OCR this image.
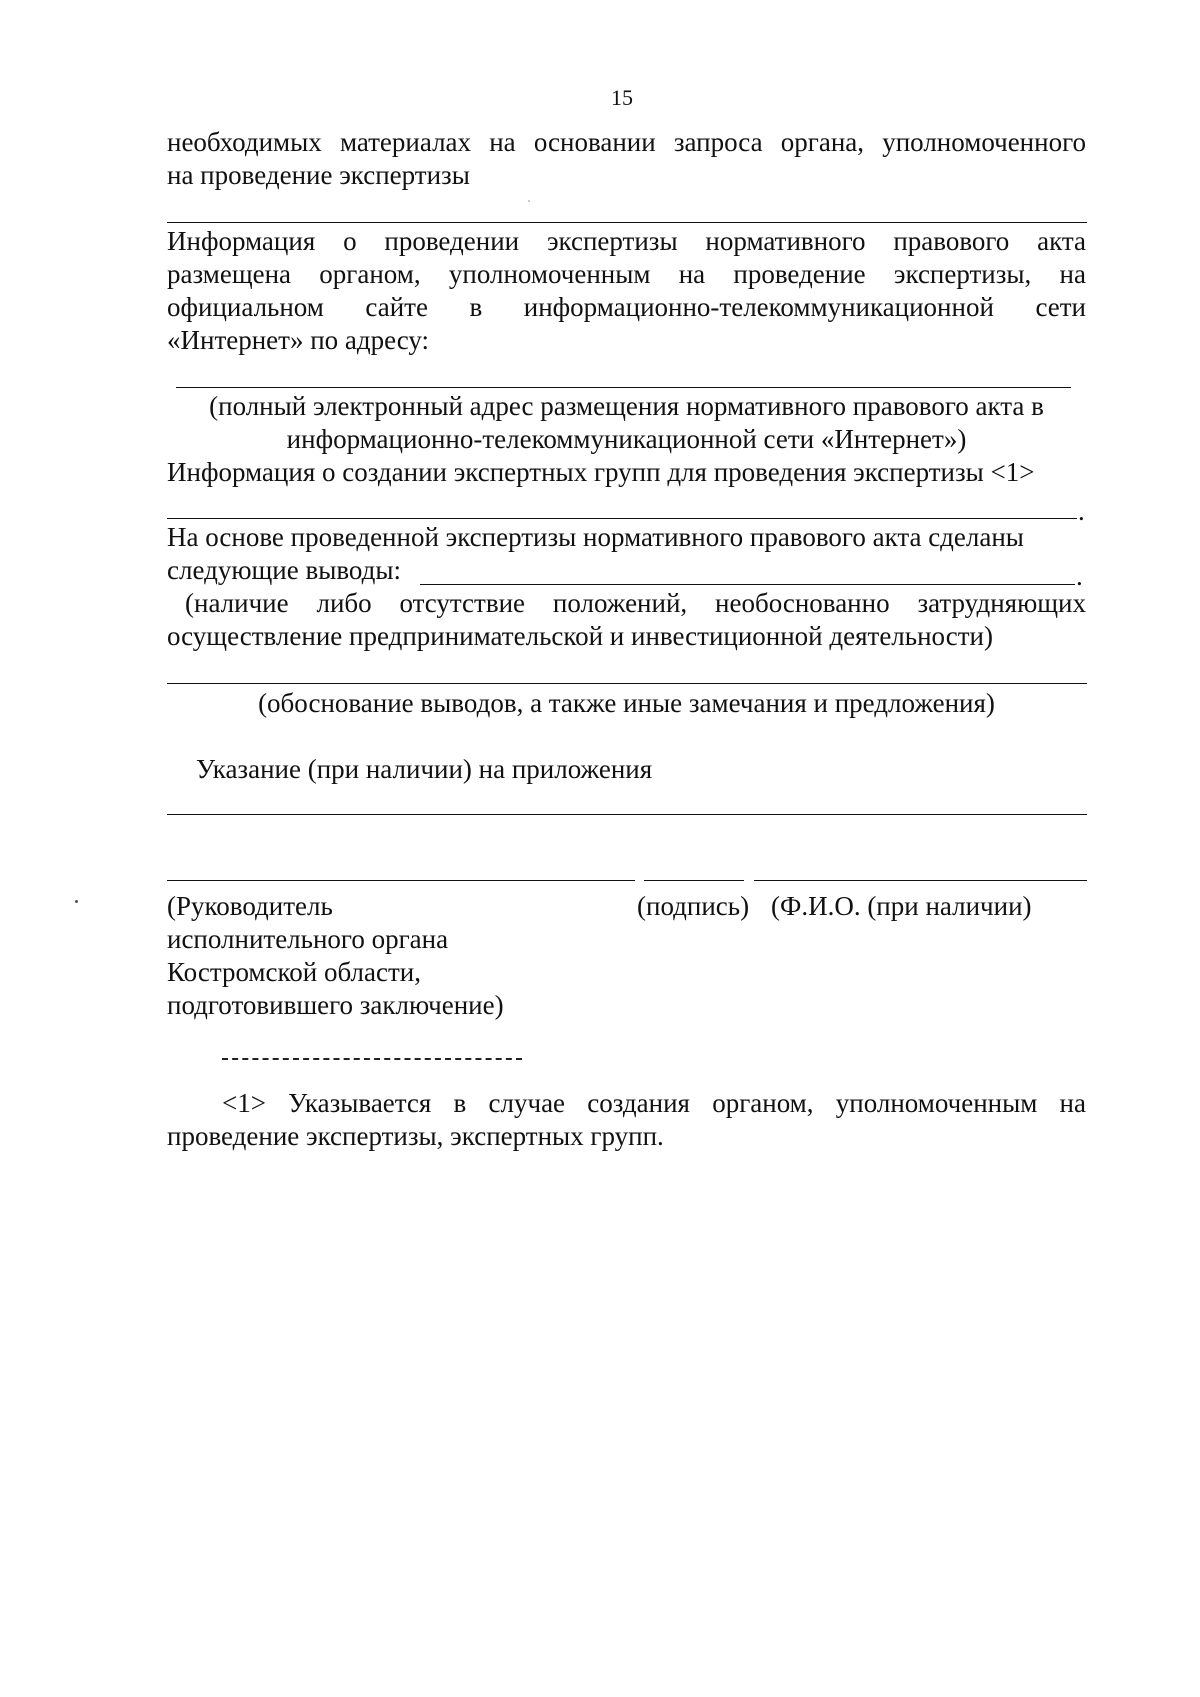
15
необходимых материалах на основании запроса органа, уполномоченного
на проведение экспертизы
Информация о проведении экспертизы нормативного правового акта
размещена органом, уполномоченным на проведение экспертизы, на
официальном сайте в информационно-телекоммуникационной сети
«Интернет» по адресу:
(полный электронный адрес размещения нормативного правового акта в
информационно-телекоммуникационной сети «Интернет»)
Информация о создании экспертных групп для проведения экспертизы <1>
.
На основе проведенной экспертизы нормативного правового акта сделаны
следующие выводы:	.
(наличие либо отсутствие положений, необоснованно затрудняющих
осуществление предпринимательской и инвестиционной деятельности)
(обоснование выводов, а также иные замечания и предложения)
Указание (при наличии) на приложения
(Руководитель
исполнительного органа
Костромской области,
подготовившего заключение)
(подпись) (Ф.И.О. (при наличии)
<1> Указывается в случае создания органом, уполномоченным на
проведение экспертизы, экспертных групп.
